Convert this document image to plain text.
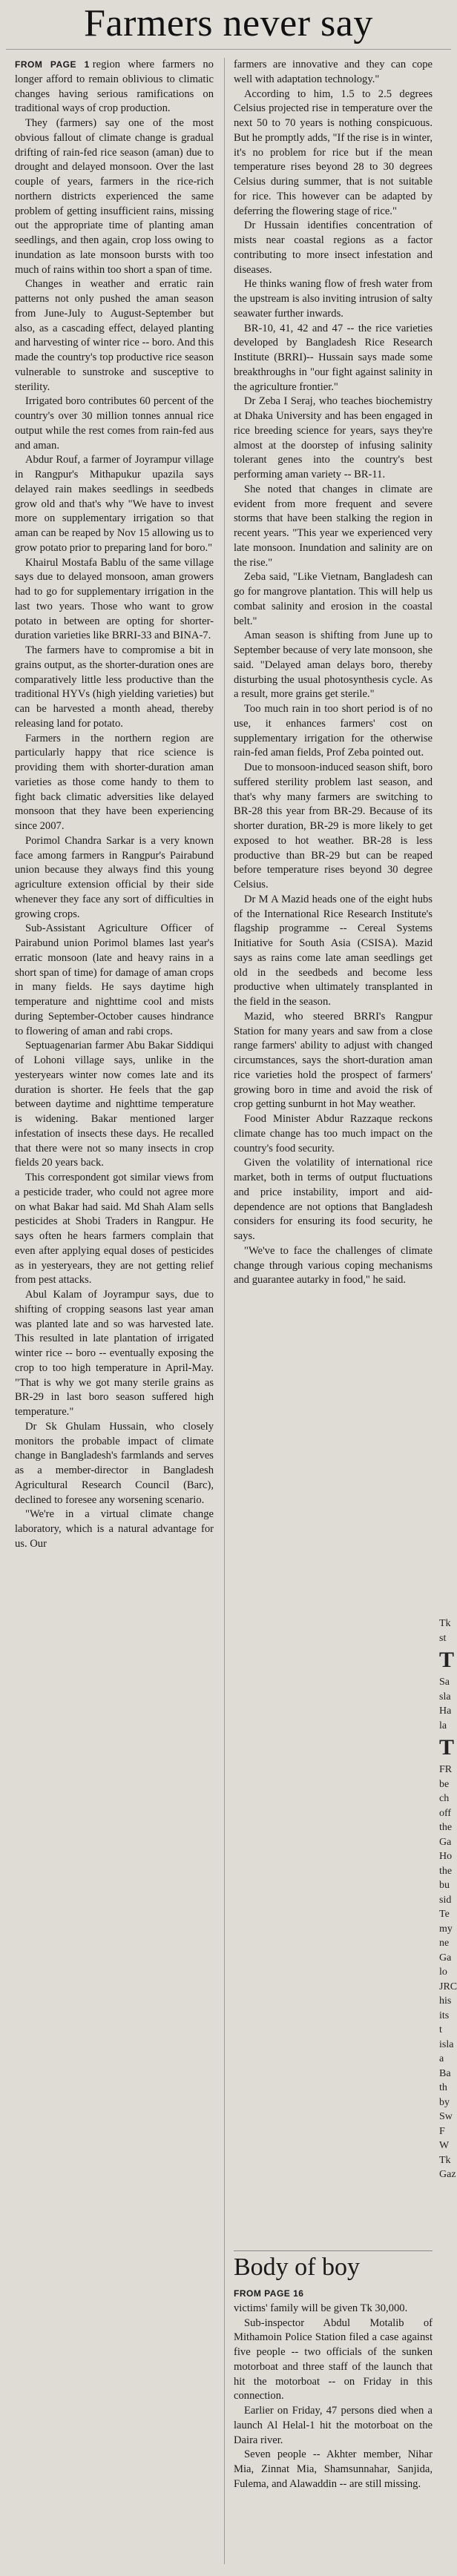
Farmers never say

FROM PAGE 1 region where farmers no longer afford to remain oblivious to climatic changes having serious ramifications on traditional ways of crop production.

They (farmers) say one of the most obvious fallout of climate change is gradual drifting of rain-fed rice season (aman) due to drought and delayed monsoon. Over the last couple of years, farmers in the rice-rich northern districts experienced the same problem of getting insufficient rains, missing out the appropriate time of planting aman seedlings, and then again, crop loss owing to inundation as late monsoon bursts with too much of rains within too short a span of time.

Changes in weather and erratic rain patterns not only pushed the aman season from June-July to August-September but also, as a cascading effect, delayed planting and harvesting of winter rice -- boro. And this made the country's top productive rice season vulnerable to sunstroke and susceptive to sterility.

Irrigated boro contributes 60 percent of the country's over 30 million tonnes annual rice output while the rest comes from rain-fed aus and aman.

Abdur Rouf, a farmer of Joyrampur village in Rangpur's Mithapukur upazila says delayed rain makes seedlings in seedbeds grow old and that's why "We have to invest more on supplementary irrigation so that aman can be reaped by Nov 15 allowing us to grow potato prior to preparing land for boro."

Khairul Mostafa Bablu of the same village says due to delayed monsoon, aman growers had to go for supplementary irrigation in the last two years. Those who want to grow potato in between are opting for shorter-duration varieties like BRRI-33 and BINA-7.

The farmers have to compromise a bit in grains output, as the shorter-duration ones are comparatively little less productive than the traditional HYVs (high yielding varieties) but can be harvested a month ahead, thereby releasing land for potato.

Farmers in the northern region are particularly happy that rice science is providing them with shorter-duration aman varieties as those come handy to them to fight back climatic adversities like delayed monsoon that they have been experiencing since 2007.

Porimol Chandra Sarkar is a very known face among farmers in Rangpur's Pairabund union because they always find this young agriculture extension official by their side whenever they face any sort of difficulties in growing crops.

Sub-Assistant Agriculture Officer of Pairabund union Porimol blames last year's erratic monsoon (late and heavy rains in a short span of time) for damage of aman crops in many fields. He says daytime high temperature and nighttime cool and mists during September-October causes hindrance to flowering of aman and rabi crops.

Septuagenarian farmer Abu Bakar Siddiqui of Lohoni village says, unlike in the yesteryears winter now comes late and its duration is shorter. He feels that the gap between daytime and nighttime temperature is widening. Bakar mentioned larger infestation of insects these days. He recalled that there were not so many insects in crop fields 20 years back.

This correspondent got similar views from a pesticide trader, who could not agree more on what Bakar had said. Md Shah Alam sells pesticides at Shobi Traders in Rangpur. He says often he hears farmers complain that even after applying equal doses of pesticides as in yesteryears, they are not getting relief from pest attacks.

Abul Kalam of Joyrampur says, due to shifting of cropping seasons last year aman was planted late and so was harvested late. This resulted in late plantation of irrigated winter rice -- boro -- eventually exposing the crop to too high temperature in April-May. "That is why we got many sterile grains as BR-29 in last boro season suffered high temperature."

Dr Sk Ghulam Hussain, who closely monitors the probable impact of climate change in Bangladesh's farmlands and serves as a member-director in Bangladesh Agricultural Research Council (Barc), declined to foresee any worsening scenario.

"We're in a virtual climate change laboratory, which is a natural advantage for us. Our

farmers are innovative and they can cope well with adaptation technology."

According to him, 1.5 to 2.5 degrees Celsius projected rise in temperature over the next 50 to 70 years is nothing conspicuous. But he promptly adds, "If the rise is in winter, it's no problem for rice but if the mean temperature rises beyond 28 to 30 degrees Celsius during summer, that is not suitable for rice. This however can be adapted by deferring the flowering stage of rice."

Dr Hussain identifies concentration of mists near coastal regions as a factor contributing to more insect infestation and diseases.

He thinks waning flow of fresh water from the upstream is also inviting intrusion of salty seawater further inwards.

BR-10, 41, 42 and 47 -- the rice varieties developed by Bangladesh Rice Research Institute (BRRI)-- Hussain says made some breakthroughs in "our fight against salinity in the agriculture frontier."

Dr Zeba I Seraj, who teaches biochemistry at Dhaka University and has been engaged in rice breeding science for years, says they're almost at the doorstep of infusing salinity tolerant genes into the country's best performing aman variety -- BR-11.

She noted that changes in climate are evident from more frequent and severe storms that have been stalking the region in recent years. "This year we experienced very late monsoon. Inundation and salinity are on the rise."

Zeba said, "Like Vietnam, Bangladesh can go for mangrove plantation. This will help us combat salinity and erosion in the coastal belt."

Aman season is shifting from June up to September because of very late monsoon, she said. "Delayed aman delays boro, thereby disturbing the usual photosynthesis cycle. As a result, more grains get sterile."

Too much rain in too short period is of no use, it enhances farmers' cost on supplementary irrigation for the otherwise rain-fed aman fields, Prof Zeba pointed out.

Due to monsoon-induced season shift, boro suffered sterility problem last season, and that's why many farmers are switching to BR-28 this year from BR-29. Because of its shorter duration, BR-29 is more likely to get exposed to hot weather. BR-28 is less productive than BR-29 but can be reaped before temperature rises beyond 30 degree Celsius.

Dr M A Mazid heads one of the eight hubs of the International Rice Research Institute's flagship programme -- Cereal Systems Initiative for South Asia (CSISA). Mazid says as rains come late aman seedlings get old in the seedbeds and become less productive when ultimately transplanted in the field in the season.

Mazid, who steered BRRI's Rangpur Station for many years and saw from a close range farmers' ability to adjust with changed circumstances, says the short-duration aman rice varieties hold the prospect of farmers' growing boro in time and avoid the risk of crop getting sunburnt in hot May weather.

Food Minister Abdur Razzaque reckons climate change has too much impact on the country's food security.

Given the volatility of international rice market, both in terms of output fluctuations and price instability, import and aid-dependence are not options that Bangladesh considers for ensuring its food security, he says.

"We've to face the challenges of climate change through various coping mechanisms and guarantee autarky in food," he said.

Body of boy

FROM PAGE 16

victims' family will be given Tk 30,000.

Sub-inspector Abdul Motalib of Mithamoin Police Station filed a case against five people -- two officials of the sunken motorboat and three staff of the launch that hit the motorboat -- on Friday in this connection.

Earlier on Friday, 47 persons died when a launch Al Helal-1 hit the motorboat on the Daira river.

Seven people -- Akhter member, Nihar Mia, Zinnat Mia, Shamsunnahar, Sanjida, Fulema, and Alawaddin -- are still missing.

Tk
st
T
Sa
sla
Ha
la
T
FR
be
ch
off
the
Ga
Ho
the
bu
sid
Te
my
ne
Ga
lo
JRC
his
its
t
isla
a
Ba
th
by
Sw
F
W
Tk
Gaz
